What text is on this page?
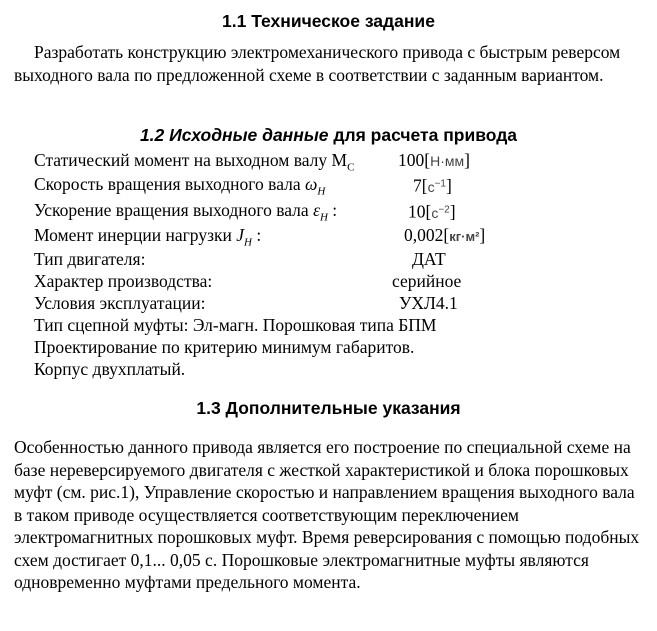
1.1 Техническое задание
Разработать конструкцию электромеханического привода с быстрым реверсом выходного вала по предложенной схеме в соответствии с заданным вариантом.
1.2 Исходные данные для расчета привода
Статический момент на выходном валу $М_С$ 100[Н·мм]
Скорость вращения выходного вала $\omega_Н$	$7[с^{-1}]$
Ускорение вращения выходного вала $\varepsilon_Н$ :	$10[с^{-2}]$
Момент инерции нагрузки $J_Н$ :	0,002[кг·м²]
Тип двигателя:	ДАТ
Характер производства:	серийное
Условия эксплуатации:	УХЛ4.1
Тип сцепной муфты: Эл-магн. Порошковая типа БПМ
Проектирование по критерию минимум габаритов.
Корпус двухплатый.
1.3 Дополнительные указания
Особенностью данного привода является его построение по специальной схеме на базе нереверсируемого двигателя с жесткой характеристикой и блока порошковых муфт (см. рис.1), Управление скоростью и направлением вращения выходного вала в таком приводе осуществляется соответствующим переключением электромагнитных порошковых муфт. Время реверсирования с помощью подобных схем достигает 0,1... 0,05 с. Порошковые электромагнитные муфты являются одновременно муфтами предельного момента.
